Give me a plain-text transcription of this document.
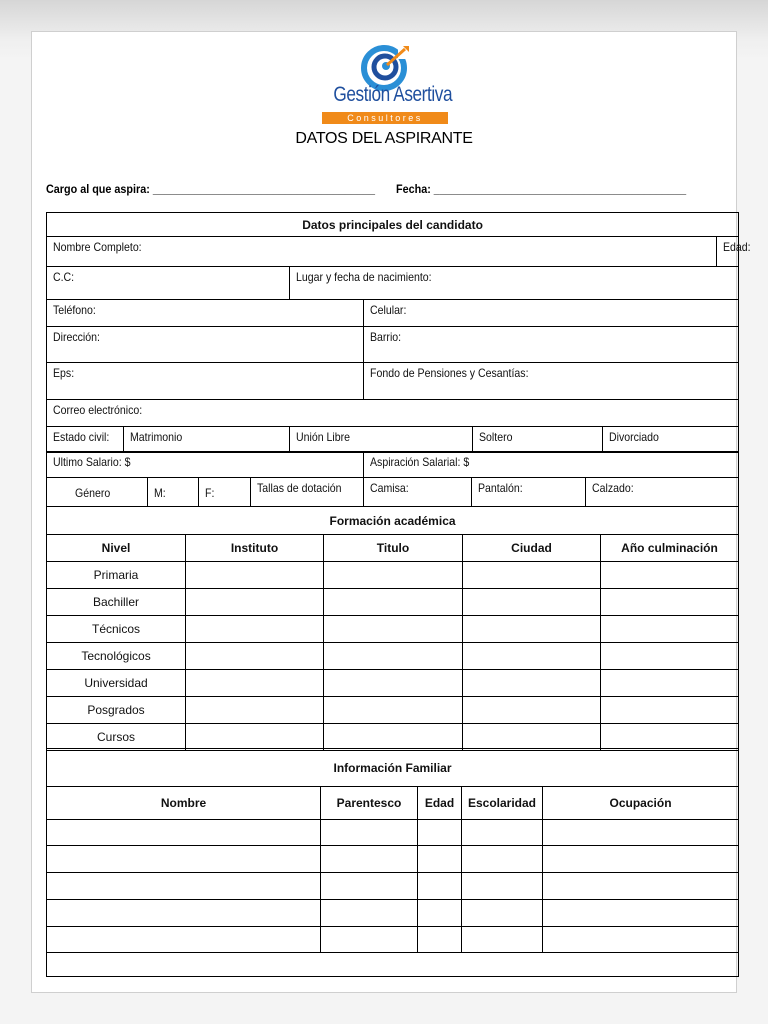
Gestión Asertiva
Consultores
DATOS DEL ASPIRANTE
Cargo al que aspira: _____________________________________ Fecha: __________________________________________
Datos principales del candidato						
Nombre Completo:						Edad:
C.C:		Lugar y fecha de nacimiento:				
Teléfono:			Celular:			
Dirección:			Barrio:			
Eps:			Fondo de Pensiones y Cesantías:			
Correo electrónico:						
Estado civil:	Matrimonio	Unión Libre		Soltero	Divorciado	
Ultimo Salario: $				Aspiración Salarial: $		
Género	M:	F:	Tallas de dotación	Camisa:	Pantalón:	Calzado:
Formación académica				
Nivel	Instituto	Titulo	Ciudad	Año culminación
Primaria				
Bachiller				
Técnicos				
Tecnológicos				
Universidad				
Posgrados				
Cursos				
Información Familiar				
Nombre	Parentesco	Edad	Escolaridad	Ocupación
